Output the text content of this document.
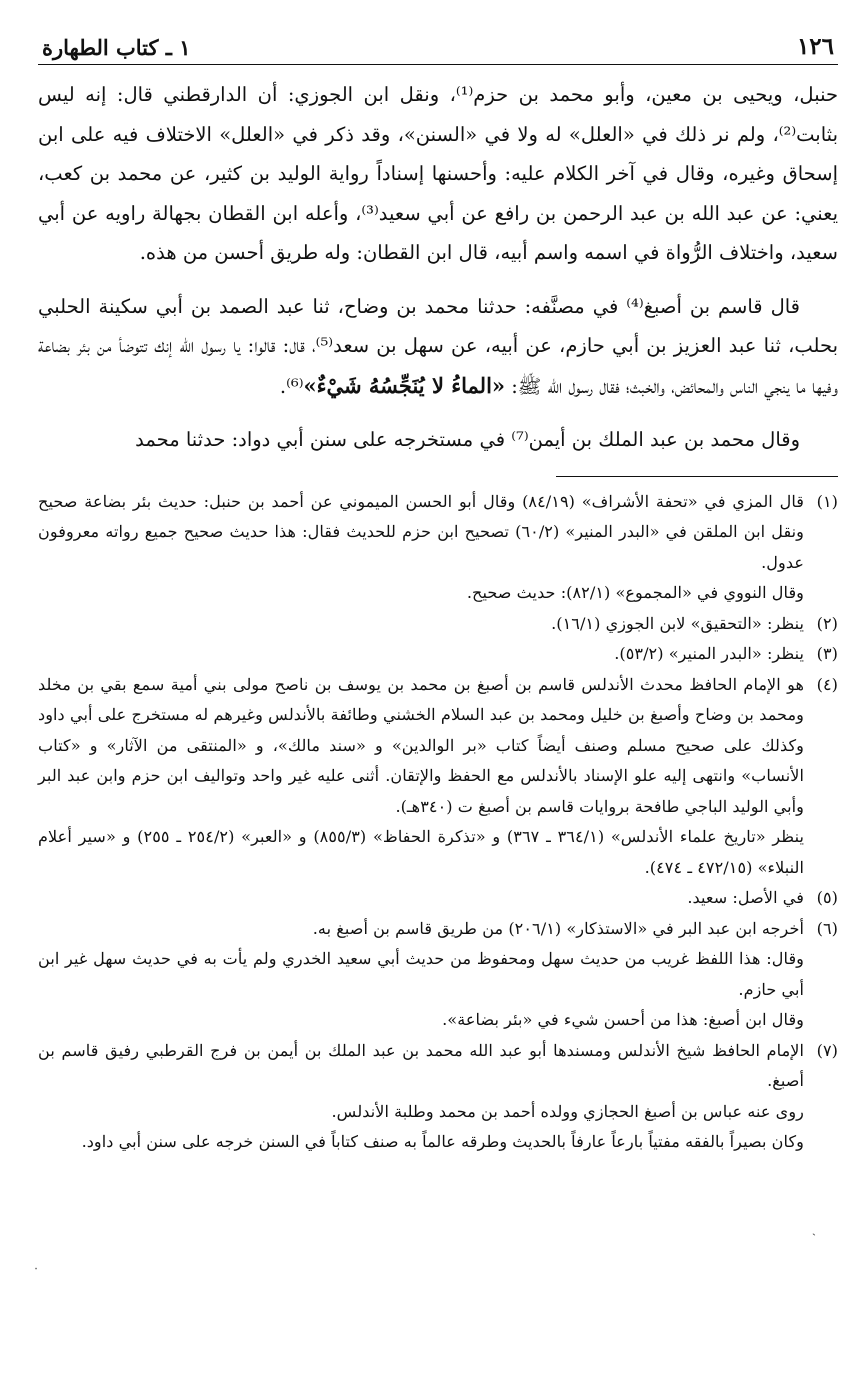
١٢٦
١ ـ كتاب الطهارة

حنبل، ويحيى بن معين، وأبو محمد بن حزم⁽¹⁾، ونقل ابن الجوزي: أن الدارقطني قال: إنه ليس بثابت⁽²⁾، ولم نر ذلك في «العلل» له ولا في «السنن»، وقد ذكر في «العلل» الاختلاف فيه على ابن إسحاق وغيره، وقال في آخر الكلام عليه: وأحسنها إسناداً رواية الوليد بن كثير، عن محمد بن كعب، يعني: عن عبد الله بن عبد الرحمن بن رافع عن أبي سعيد⁽³⁾، وأعله ابن القطان بجهالة راويه عن أبي سعيد، واختلاف الرُّواة في اسمه واسم أبيه، قال ابن القطان: وله طريق أحسن من هذه.

قال قاسم بن أصبغ⁽⁴⁾ في مصنَّفه: حدثنا محمد بن وضاح، ثنا عبد الصمد بن أبي سكينة الحلبي بحلب، ثنا عبد العزيز بن أبي حازم، عن أبيه، عن سهل بن سعد⁽⁵⁾، قال: قالوا: يا رسول الله إنك تتوضأ من بئر بضاعة وفيها ما ينجي الناس والمحائض، والخبث؛ فقال رسول الله ﷺ: «الماءُ لا يُنَجِّسُهُ شَيْءٌ»⁽⁶⁾.

وقال محمد بن عبد الملك بن أيمن⁽⁷⁾ في مستخرجه على سنن أبي دواد: حدثنا محمد

(١)
قال المزي في «تحفة الأشراف» (٨٤/١٩) وقال أبو الحسن الميموني عن أحمد بن حنبل: حديث بئر بضاعة صحيح ونقل ابن الملقن في «البدر المنير» (٦٠/٢) تصحيح ابن حزم للحديث فقال: هذا حديث صحيح جميع رواته معروفون عدول.
وقال النووي في «المجموع» (٨٢/١): حديث صحيح.
(٢)
ينظر: «التحقيق» لابن الجوزي (١٦/١).
(٣)
ينظر: «البدر المنير» (٥٣/٢).
(٤)
هو الإمام الحافظ محدث الأندلس قاسم بن أصبغ بن محمد بن يوسف بن ناصح مولى بني أمية سمع بقي بن مخلد ومحمد بن وضاح وأصبغ بن خليل ومحمد بن عبد السلام الخشني وطائفة بالأندلس وغيرهم له مستخرج على أبي داود وكذلك على صحيح مسلم وصنف أيضاً كتاب «بر الوالدين» و «سند مالك»، و «المنتقى من الآثار» و «كتاب الأنساب» وانتهى إليه علو الإسناد بالأندلس مع الحفظ والإتقان. أثنى عليه غير واحد وتواليف ابن حزم وابن عبد البر وأبي الوليد الباجي طافحة بروايات قاسم بن أصبغ ت (٣٤٠هـ).
ينظر «تاريخ علماء الأندلس» (٣٦٤/١ ـ ٣٦٧) و «تذكرة الحفاظ» (٨٥٥/٣) و «العبر» (٢٥٤/٢ ـ ٢٥٥) و «سير أعلام النبلاء» (٤٧٢/١٥ ـ ٤٧٤).
(٥)
في الأصل: سعيد.
(٦)
أخرجه ابن عبد البر في «الاستذكار» (٢٠٦/١) من طريق قاسم بن أصبغ به.
وقال: هذا اللفظ غريب من حديث سهل ومحفوظ من حديث أبي سعيد الخدري ولم يأت به في حديث سهل غير ابن أبي حازم.
وقال ابن أصبغ: هذا من أحسن شيء في «بئر بضاعة».
(٧)
الإمام الحافظ شيخ الأندلس ومسندها أبو عبد الله محمد بن عبد الملك بن أيمن بن فرج القرطبي رفيق قاسم بن أصبغ.
روى عنه عباس بن أصبغ الحجازي وولده أحمد بن محمد وطلبة الأندلس.
وكان بصيراً بالفقه مفتياً بارعاً عارفاً بالحديث وطرقه عالماً به صنف كتاباً في السنن خرجه على سنن أبي داود.
ˏ
ˑ
